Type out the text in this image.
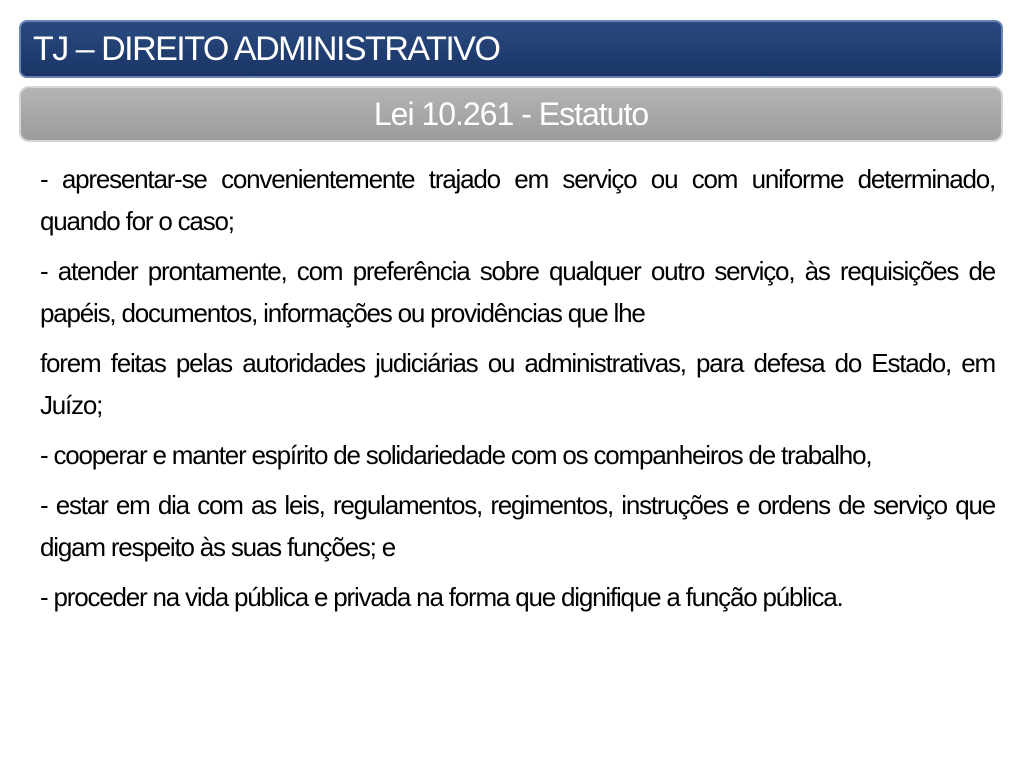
TJ – DIREITO ADMINISTRATIVO
Lei 10.261 - Estatuto

- apresentar-se convenientemente trajado em serviço ou com uniforme determinado, quando for o caso;

- atender prontamente, com preferência sobre qualquer outro serviço, às requisições de papéis, documentos, informações ou providências que lhe

forem feitas pelas autoridades judiciárias ou administrativas, para defesa do Estado, em Juízo;

- cooperar e manter espírito de solidariedade com os companheiros de trabalho,

- estar em dia com as leis, regulamentos, regimentos, instruções e ordens de serviço que digam respeito às suas funções; e

- proceder na vida pública e privada na forma que dignifique a função pública.
